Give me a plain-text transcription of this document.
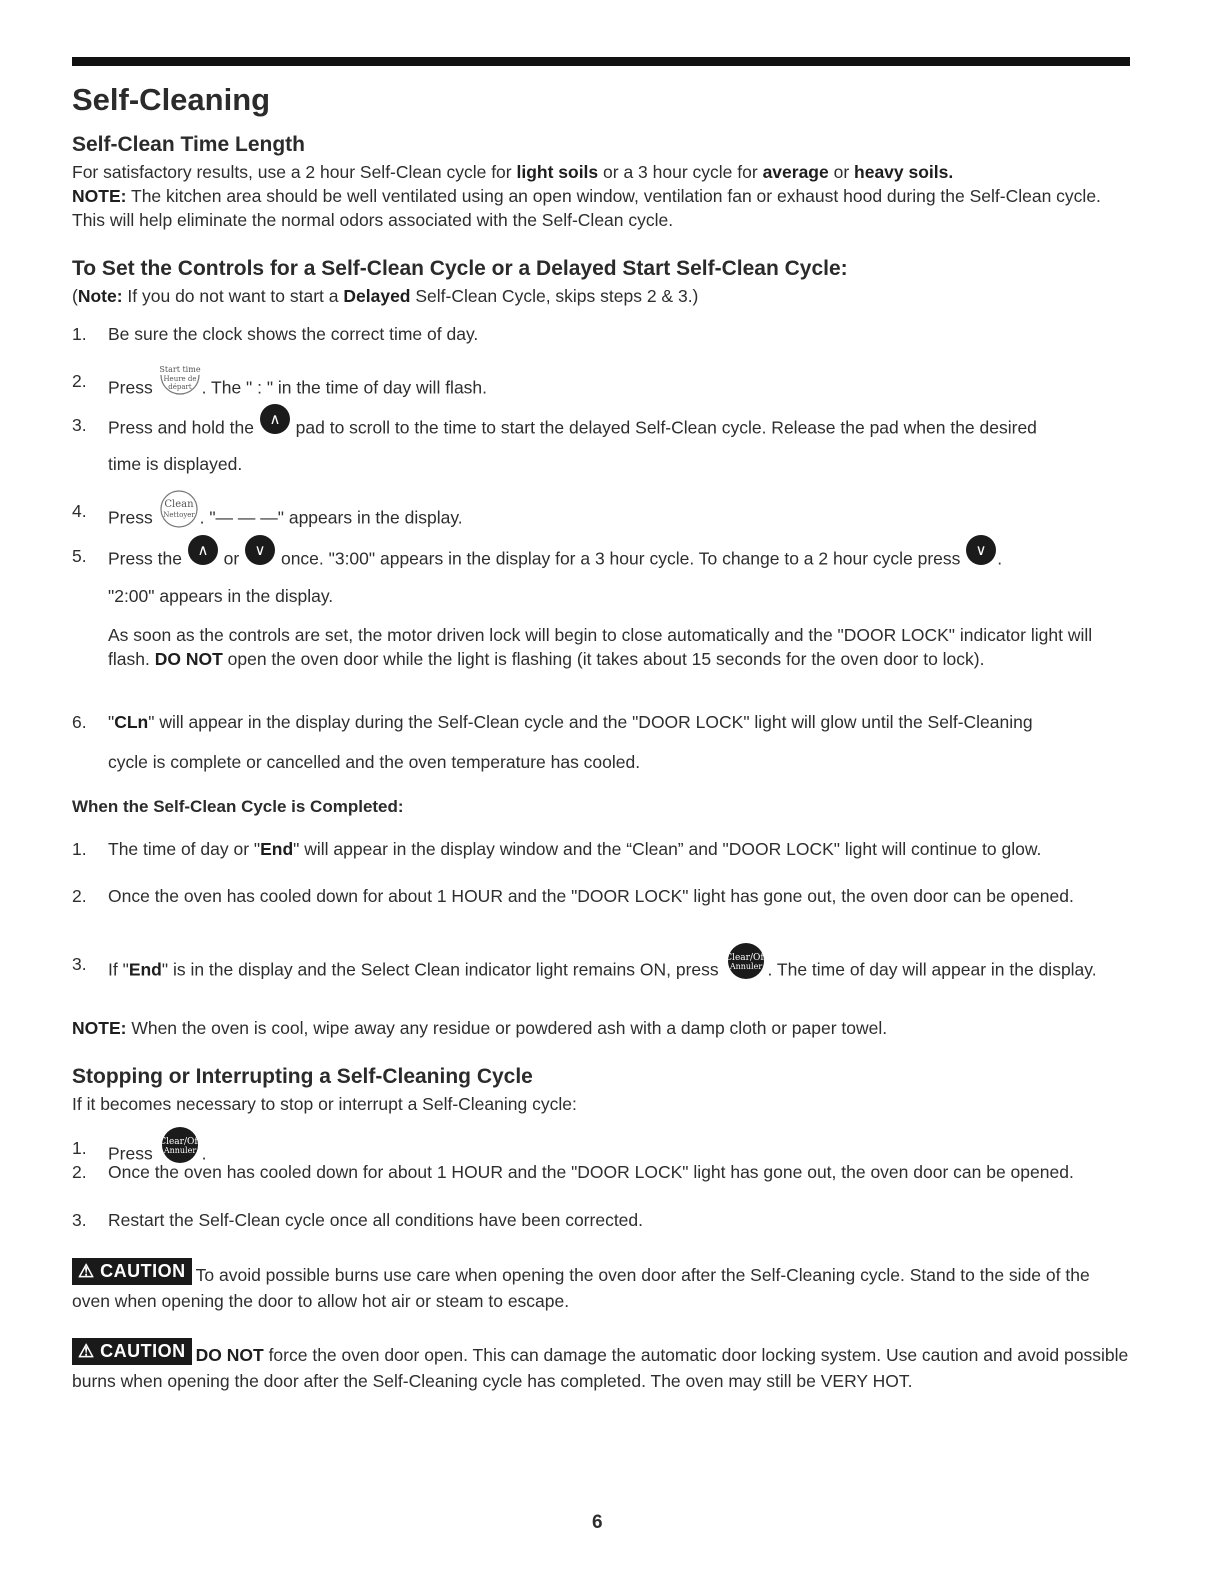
Self-Cleaning
Self-Clean Time Length

For satisfactory results, use a 2 hour Self-Clean cycle for light soils or a 3 hour cycle for average or heavy soils.

NOTE: The kitchen area should be well ventilated using an open window, ventilation fan or exhaust hood during the Self-Clean cycle. This will help eliminate the normal odors associated with the Self-Clean cycle.

To Set the Controls for a Self-Clean Cycle or a Delayed Start Self-Clean Cycle:

(Note: If you do not want to start a Delayed Self-Clean Cycle, skips steps 2 & 3.)

1. Be sure the clock shows the correct time of day.
2. Press
Start time
Heure de
départ . The " : " in the time of day will flash.
3. Press and hold the ∧ pad to scroll to the time to start the delayed Self-Clean cycle. Release the pad when the desired
time is displayed.
4. Press
Clean
Nettoyer . "— — —" appears in the display.
5. Press the ∧ or ∨ once. "3:00" appears in the display for a 3 hour cycle. To change to a 2 hour cycle press ∨ .
"2:00" appears in the display.
As soon as the controls are set, the motor driven lock will begin to close automatically and the "DOOR LOCK" indicator light will flash. DO NOT open the oven door while the light is flashing (it takes about 15 seconds for the oven door to lock).
6. "CLn" will appear in the display during the Self-Clean cycle and the "DOOR LOCK" light will glow until the Self-Cleaning
cycle is complete or cancelled and the oven temperature has cooled.
When the Self-Clean Cycle is Completed:
1. The time of day or "End" will appear in the display window and the “Clean” and "DOOR LOCK" light will continue to glow.
2. Once the oven has cooled down for about 1 HOUR and the "DOOR LOCK" light has gone out, the oven door can be opened.
3. If "End" is in the display and the Select Clean indicator light remains ON, press
Clear/Off
Annuler . The time of day will appear in the display.

NOTE: When the oven is cool, wipe away any residue or powdered ash with a damp cloth or paper towel.

Stopping or Interrupting a Self-Cleaning Cycle

If it becomes necessary to stop or interrupt a Self-Cleaning cycle:

1. Press
Clear/Off
Annuler .
2. Once the oven has cooled down for about 1 HOUR and the "DOOR LOCK" light has gone out, the oven door can be opened.
3. Restart the Self-Clean cycle once all conditions have been corrected.

⚠ CAUTION To avoid possible burns use care when opening the oven door after the Self-Cleaning cycle. Stand to the side of the oven when opening the door to allow hot air or steam to escape.

⚠ CAUTION DO NOT force the oven door open. This can damage the automatic door locking system. Use caution and avoid possible burns when opening the door after the Self-Cleaning cycle has completed. The oven may still be VERY HOT.

6
